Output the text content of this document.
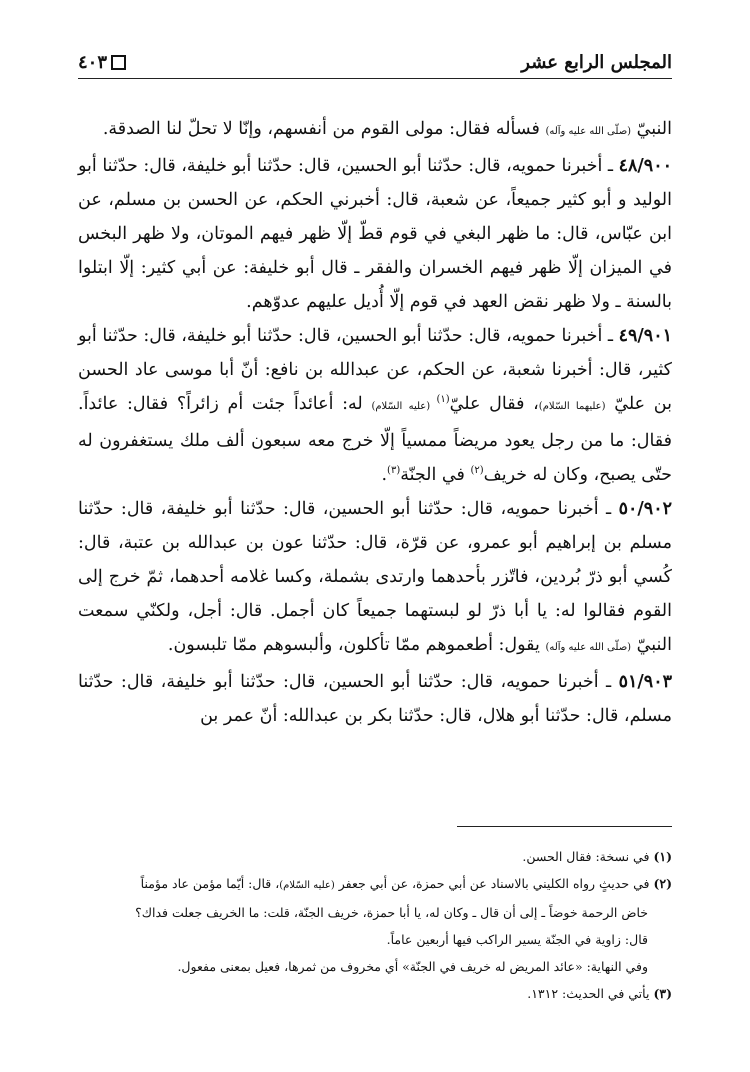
المجلس الرابع عشر
٤٠٣

النبيّ (صلّى الله عليه وآله) فسأله فقال: مولى القوم من أنفسهم، وإنّا لا تحلّ لنا الصدقة.

٤٨/٩٠٠ ـ أخبرنا حمويه، قال: حدّثنا أبو الحسين، قال: حدّثنا أبو خليفة، قال: حدّثنا أبو الوليد و أبو كثير جميعاً، عن شعبة، قال: أخبرني الحكم، عن الحسن بن مسلم، عن ابن عبّاس، قال: ما ظهر البغي في قوم قطّ إلّا ظهر فيهم الموتان، ولا ظهر البخس في الميزان إلّا ظهر فيهم الخسران والفقر ـ قال أبو خليفة: عن أبي كثير: إلّا ابتلوا بالسنة ـ ولا ظهر نقض العهد في قوم إلّا أُديل عليهم عدوّهم.

٤٩/٩٠١ ـ أخبرنا حمويه، قال: حدّثنا أبو الحسين، قال: حدّثنا أبو خليفة، قال: حدّثنا أبو كثير، قال: أخبرنا شعبة، عن الحكم، عن عبدالله بن نافع: أنّ أبا موسى عاد الحسن بن عليّ (عليهما السّلام)، فقال عليّ$^{(١)}$ (عليه السّلام) له: أعائداً جئت أم زائراً؟ فقال: عائداً. فقال: ما من رجل يعود مريضاً ممسياً إلّا خرج معه سبعون ألف ملك يستغفرون له حتّى يصبح، وكان له خريف$^{(٢)}$ في الجنّة$^{(٣)}$.

٥٠/٩٠٢ ـ أخبرنا حمويه، قال: حدّثنا أبو الحسين، قال: حدّثنا أبو خليفة، قال: حدّثنا مسلم بن إبراهيم أبو عمرو، عن قرّة، قال: حدّثنا عون بن عبدالله بن عتبة، قال: كُسي أبو ذرّ بُردين، فاتّزر بأحدهما وارتدى بشملة، وكسا غلامه أحدهما، ثمّ خرج إلى القوم فقالوا له: يا أبا ذرّ لو لبستهما جميعاً كان أجمل. قال: أجل، ولكنّي سمعت النبيّ (صلّى الله عليه وآله) يقول: أطعموهم ممّا تأكلون، وألبسوهم ممّا تلبسون.

٥١/٩٠٣ ـ أخبرنا حمويه، قال: حدّثنا أبو الحسين، قال: حدّثنا أبو خليفة، قال: حدّثنا مسلم، قال: حدّثنا أبو هلال، قال: حدّثنا بكر بن عبدالله: أنّ عمر بن

(١) في نسخة: فقال الحسن.

(٢) في حديثٍ رواه الكليني بالاسناد عن أبي حمزة، عن أبي جعفر (عليه السّلام)، قال: أيّما مؤمن عاد مؤمناً

خاض الرحمة خوضاً ـ إلى أن قال ـ وكان له، يا أبا حمزة، خريف الجنّة، قلت: ما الخريف جعلت فداك؟

قال: زاوية في الجنّة يسير الراكب فيها أربعين عاماً.

وفي النهاية: «عائد المريض له خريف في الجنّة» أي مخروف من ثمرها، فعيل بمعنى مفعول.

(٣) يأتي في الحديث: ١٣١٢.
